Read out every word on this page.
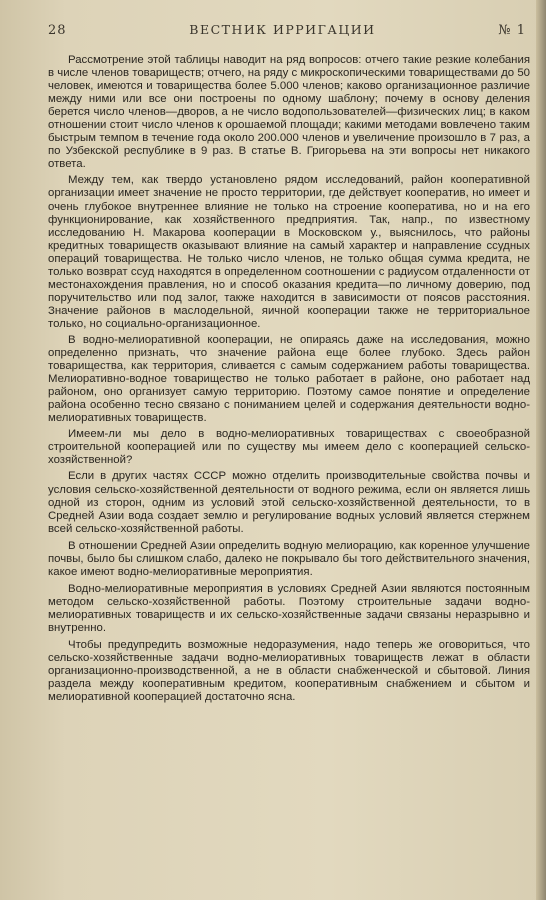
28	ВЕСТНИК ИРРИГАЦИИ	№ 1

Рассмотрение этой таблицы наводит на ряд вопросов: отчего такие резкие колебания в числе членов товариществ; отчего, на ряду с микроскопическими товариществами до 50 человек, имеются и товарищества более 5.000 членов; каково организационное различие между ними или все они построены по одному шаблону; почему в основу деления берется число членов—дворов, а не число водопользователей—физических лиц; в каком отношении стоит число членов к орошаемой площади; какими методами вовлечено таким быстрым темпом в течение года около 200.000 членов и увеличение произошло в 7 раз, а по Узбекской республике в 9 раз. В статье В. Григорьева на эти вопросы нет никакого ответа.

Между тем, как твердо установлено рядом исследований, район кооперативной организации имеет значение не просто территории, где действует кооператив, но имеет и очень глубокое внутреннее влияние не только на строение кооператива, но и на его функционирование, как хозяйственного предприятия. Так, напр., по известному исследованию Н. Макарова кооперации в Московском у., выяснилось, что районы кредитных товариществ оказывают влияние на самый характер и направление ссудных операций товарищества. Не только число членов, не только общая сумма кредита, не только возврат ссуд находятся в определенном соотношении с радиусом отдаленности от местонахождения правления, но и способ оказания кредита—по личному доверию, под поручительство или под залог, также находится в зависимости от поясов расстояния. Значение районов в маслодельной, яичной кооперации также не территориальное только, но социально-организационное.

В водно-мелиоративной кооперации, не опираясь даже на исследования, можно определенно признать, что значение района еще более глубоко. Здесь район товарищества, как территория, сливается с самым содержанием работы товарищества. Мелиоративно-водное товарищество не только работает в районе, оно работает над районом, оно организует самую территорию. Поэтому самое понятие и определение района особенно тесно связано с пониманием целей и содержания деятельности водно-мелиоративных товариществ.

Имеем-ли мы дело в водно-мелиоративных товариществах с своеобразной строительной кооперацией или по существу мы имеем дело с кооперацией сельско-хозяйственной?

Если в других частях СССР можно отделить производительные свойства почвы и условия сельско-хозяйственной деятельности от водного режима, если он является лишь одной из сторон, одним из условий этой сельско-хозяйственной деятельности, то в Средней Азии вода создает землю и регулирование водных условий является стержнем всей сельско-хозяйственной работы.

В отношении Средней Азии определить водную мелиорацию, как коренное улучшение почвы, было бы слишком слабо, далеко не покрывало бы того действительного значения, какое имеют водно-мелиоративные мероприятия.

Водно-мелиоративные мероприятия в условиях Средней Азии являются постоянным методом сельско-хозяйственной работы. Поэтому строительные задачи водно-мелиоративных товариществ и их сельско-хозяйственные задачи связаны неразрывно и внутренно.

Чтобы предупредить возможные недоразумения, надо теперь же оговориться, что сельско-хозяйственные задачи водно-мелиоративных товариществ лежат в области организационно-производственной, а не в области снабженческой и сбытовой. Линия раздела между кооперативным кредитом, кооперативным снабжением и сбытом и мелиоративной кооперацией достаточно ясна.
